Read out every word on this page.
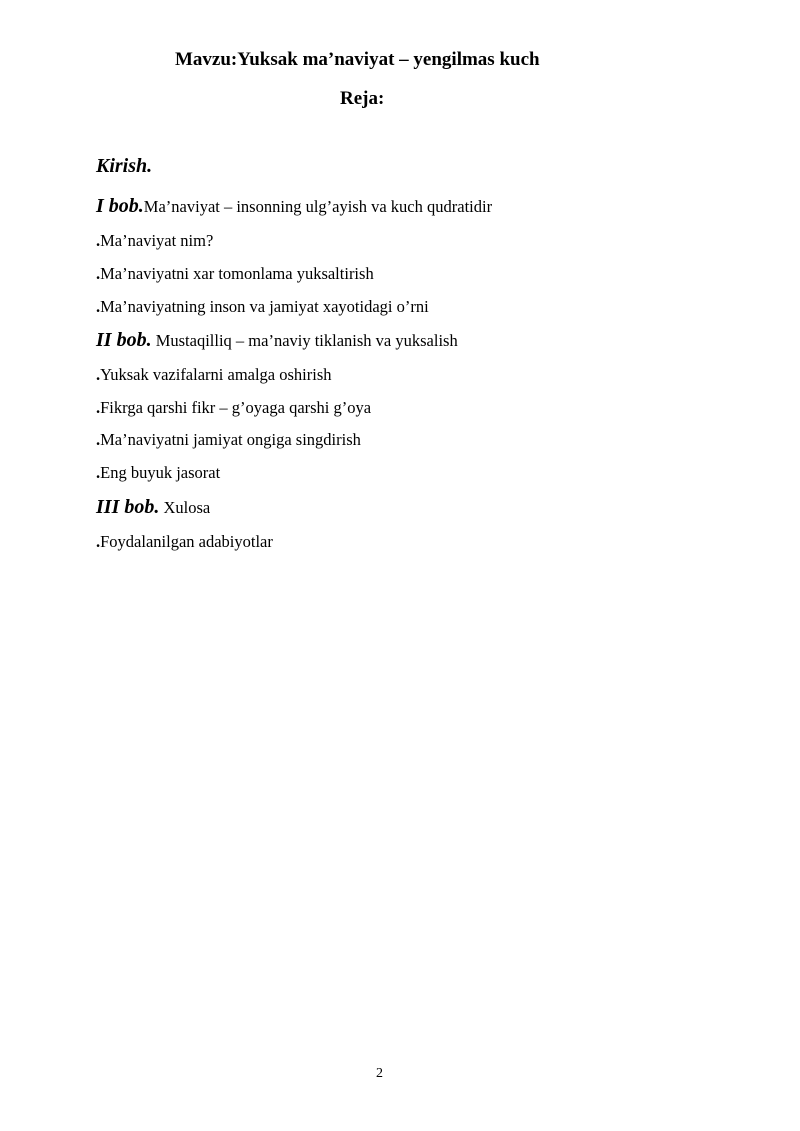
Mavzu:Yuksak ma’naviyat – yengilmas kuch
Reja:
Kirish.
I bob.Ma’naviyat – insonning ulg’ayish va kuch qudratidir
.Ma’naviyat nim?
.Ma’naviyatni xar tomonlama yuksaltirish
.Ma’naviyatning inson va jamiyat xayotidagi o’rni
II bob. Mustaqilliq – ma’naviy tiklanish va yuksalish
.Yuksak vazifalarni amalga oshirish
.Fikrga qarshi fikr – g’oyaga qarshi g’oya
.Ma’naviyatni jamiyat ongiga singdirish
.Eng buyuk jasorat
III bob. Xulosa
.Foydalanilgan adabiyotlar
2
